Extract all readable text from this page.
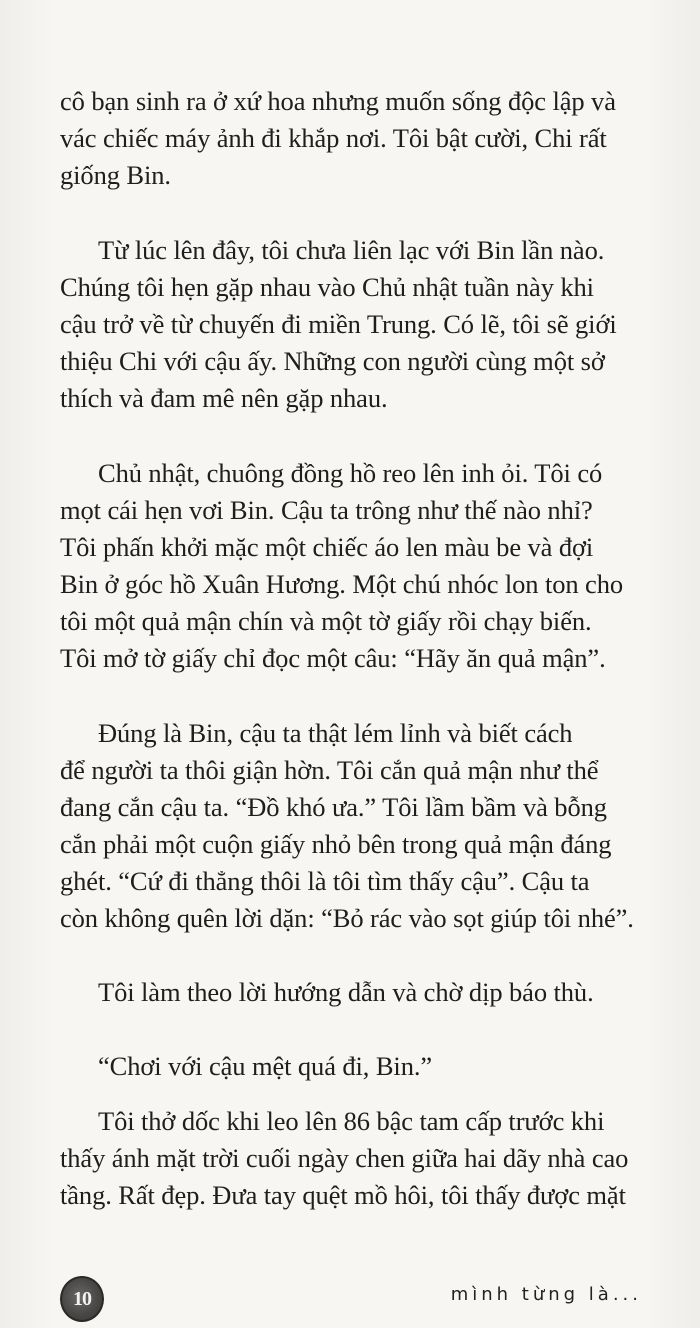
cô bạn sinh ra ở xứ hoa nhưng muốn sống độc lập và
vác chiếc máy ảnh đi khắp nơi. Tôi bật cười, Chi rất
giống Bin.

Từ lúc lên đây, tôi chưa liên lạc với Bin lần nào.
Chúng tôi hẹn gặp nhau vào Chủ nhật tuần này khi
cậu trở về từ chuyến đi miền Trung. Có lẽ, tôi sẽ giới
thiệu Chi với cậu ấy. Những con người cùng một sở
thích và đam mê nên gặp nhau.

Chủ nhật, chuông đồng hồ reo lên inh ỏi. Tôi có
mọt cái hẹn vơi Bin. Cậu ta trông như thế nào nhỉ?
Tôi phấn khởi mặc một chiếc áo len màu be và đợi
Bin ở góc hồ Xuân Hương. Một chú nhóc lon ton cho
tôi một quả mận chín và một tờ giấy rồi chạy biến.
Tôi mở tờ giấy chỉ đọc một câu: “Hãy ăn quả mận”.

Đúng là Bin, cậu ta thật lém lỉnh và biết cách
để người ta thôi giận hờn. Tôi cắn quả mận như thể
đang cắn cậu ta. “Đồ khó ưa.” Tôi lầm bầm và bỗng
cắn phải một cuộn giấy nhỏ bên trong quả mận đáng
ghét. “Cứ đi thẳng thôi là tôi tìm thấy cậu”. Cậu ta
còn không quên lời dặn: “Bỏ rác vào sọt giúp tôi nhé”.

Tôi làm theo lời hướng dẫn và chờ dịp báo thù.

“Chơi với cậu mệt quá đi, Bin.”

Tôi thở dốc khi leo lên 86 bậc tam cấp trước khi
thấy ánh mặt trời cuối ngày chen giữa hai dãy nhà cao
tầng. Rất đẹp. Đưa tay quệt mồ hôi, tôi thấy được mặt

10	mình từng là...
